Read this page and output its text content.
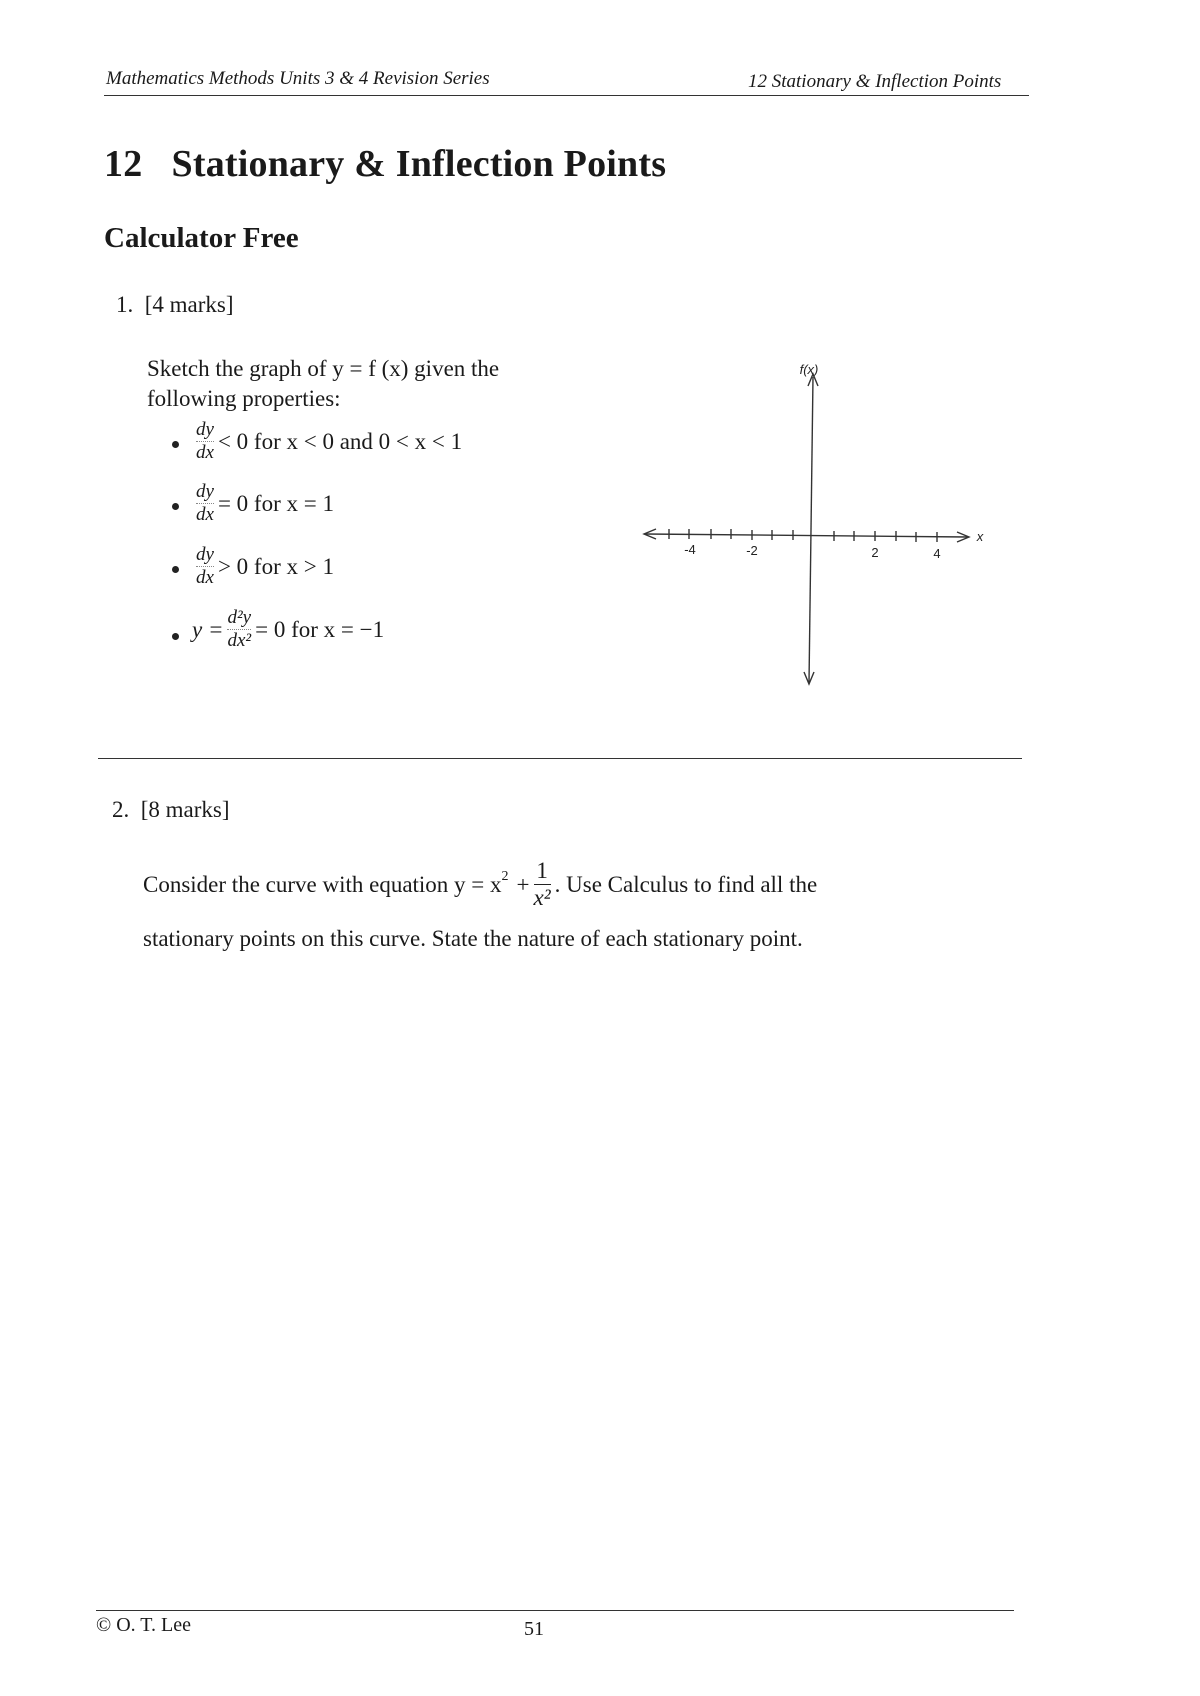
Mathematics Methods Units 3 & 4 Revision Series	12 Stationary & Inflection Points
12   Stationary & Inflection Points
Calculator Free
1.  [4 marks]
Sketch the graph of y = f (x) given the
following properties:
$\frac{dy}{dx} < 0$ for x < 0 and 0 < x < 1
$\frac{dy}{dx} = 0$ for x = 1
$\frac{dy}{dx} > 0$ for x > 1
$y = \frac{\text{d²y}}{\text{dx²}} = 0$ for x = −1
f(x)
x
-4	-2	2	4
2.  [8 marks]
Consider the curve with equation $y = x^2 + \frac{1}{\text{x²}}$ . Use Calculus to find all the
stationary points on this curve. State the nature of each stationary point.
© O. T. Lee	51
